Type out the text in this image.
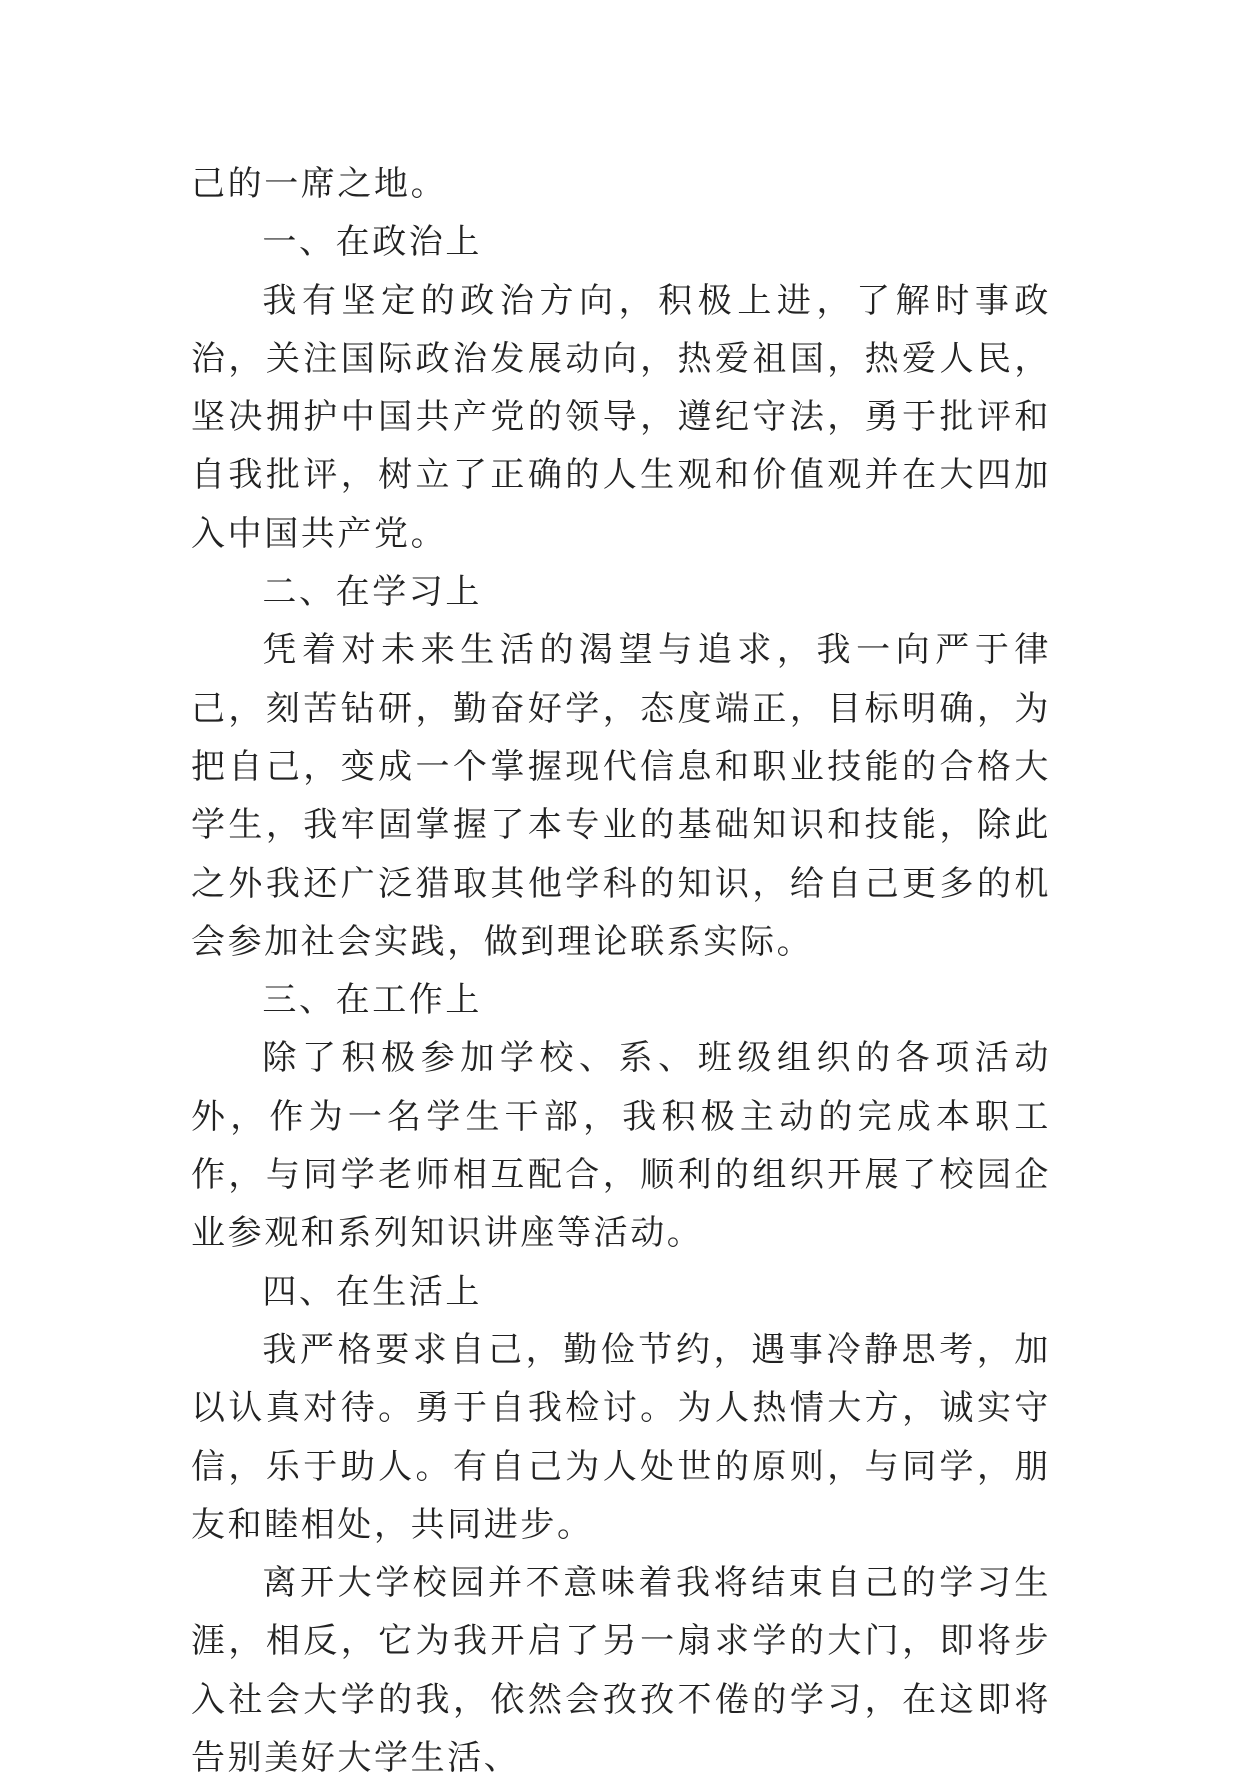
己的一席之地。

一、在政治上

我有坚定的政治方向，积极上进，了解时事政治，关注国际政治发展动向，热爱祖国，热爱人民，坚决拥护中国共产党的领导，遵纪守法，勇于批评和自我批评，树立了正确的人生观和价值观并在大四加入中国共产党。

二、在学习上

凭着对未来生活的渴望与追求，我一向严于律己，刻苦钻研，勤奋好学，态度端正，目标明确，为把自己，变成一个掌握现代信息和职业技能的合格大学生，我牢固掌握了本专业的基础知识和技能，除此之外我还广泛猎取其他学科的知识，给自己更多的机会参加社会实践，做到理论联系实际。

三、在工作上

除了积极参加学校、系、班级组织的各项活动外，作为一名学生干部，我积极主动的完成本职工作，与同学老师相互配合，顺利的组织开展了校园企业参观和系列知识讲座等活动。

四、在生活上

我严格要求自己，勤俭节约，遇事冷静思考，加以认真对待。勇于自我检讨。为人热情大方，诚实守信，乐于助人。有自己为人处世的原则，与同学，朋友和睦相处，共同进步。

离开大学校园并不意味着我将结束自己的学习生涯，相反，它为我开启了另一扇求学的大门，即将步入社会大学的我，依然会孜孜不倦的学习，在这即将告别美好大学生活、
